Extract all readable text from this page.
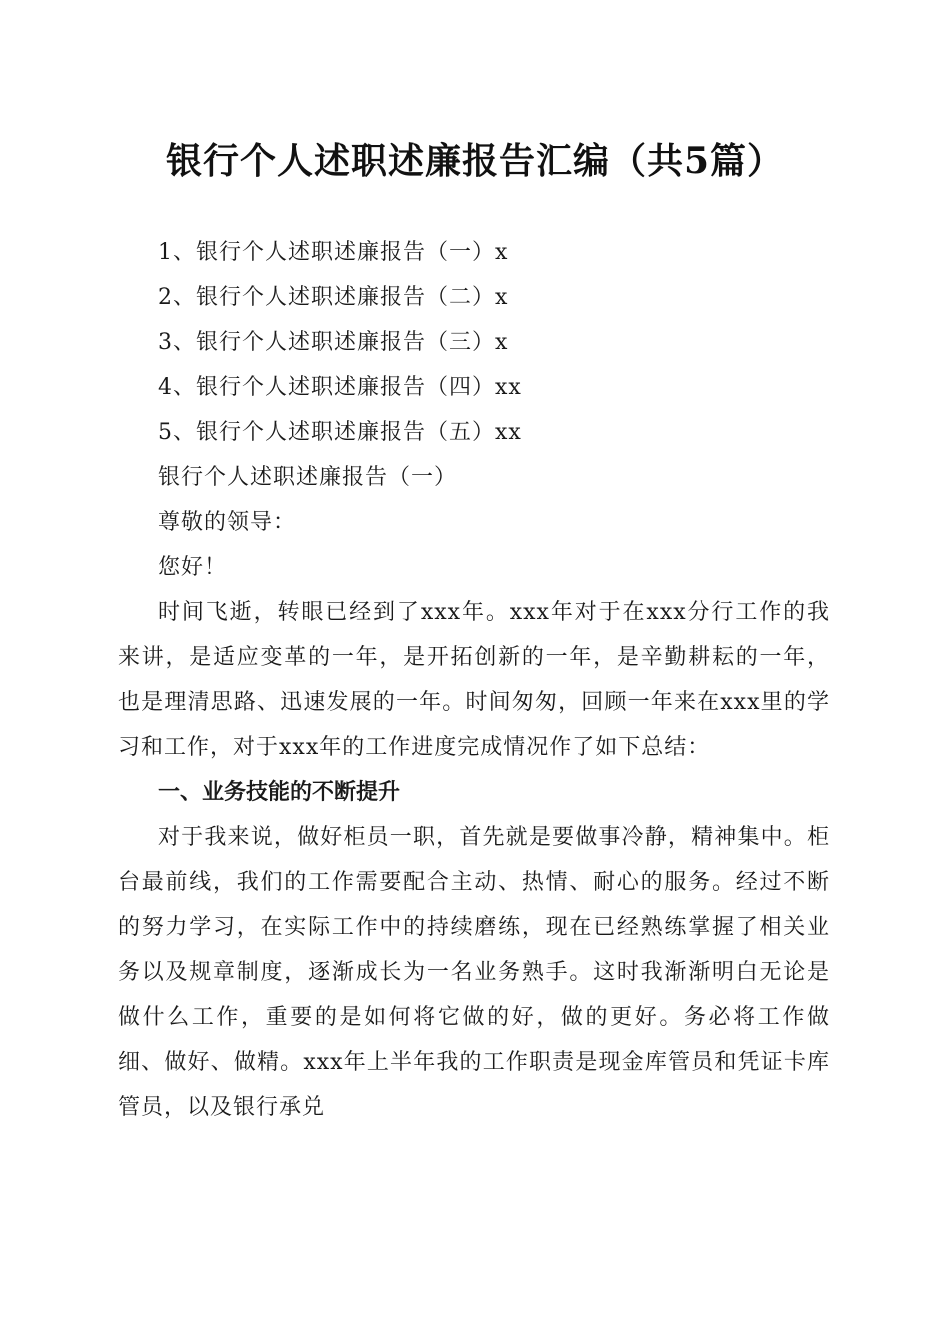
银行个人述职述廉报告汇编（共5篇）
1、银行个人述职述廉报告（一）x
2、银行个人述职述廉报告（二）x
3、银行个人述职述廉报告（三）x
4、银行个人述职述廉报告（四）xx
5、银行个人述职述廉报告（五）xx
银行个人述职述廉报告（一）
尊敬的领导：
您好！
时间飞逝，转眼已经到了xxx年。xxx年对于在xxx分行工作的我来讲，是适应变革的一年，是开拓创新的一年，是辛勤耕耘的一年，也是理清思路、迅速发展的一年。时间匆匆，回顾一年来在xxx里的学习和工作，对于xxx年的工作进度完成情况作了如下总结：
一、业务技能的不断提升
对于我来说，做好柜员一职，首先就是要做事冷静，精神集中。柜台最前线，我们的工作需要配合主动、热情、耐心的服务。经过不断的努力学习，在实际工作中的持续磨练，现在已经熟练掌握了相关业务以及规章制度，逐渐成长为一名业务熟手。这时我渐渐明白无论是做什么工作，重要的是如何将它做的好，做的更好。务必将工作做细、做好、做精。xxx年上半年我的工作职责是现金库管员和凭证卡库管员，以及银行承兑
